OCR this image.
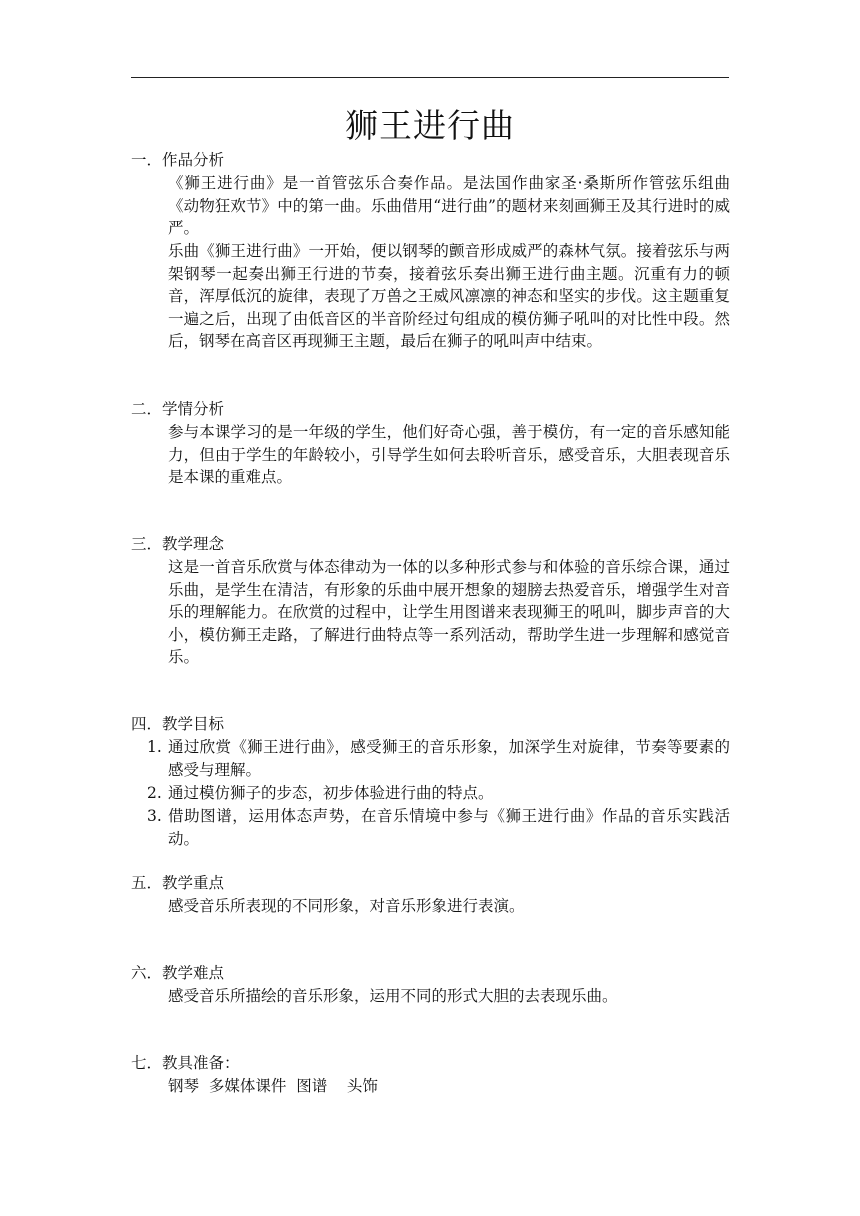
狮王进行曲
一．作品分析
《狮王进行曲》是一首管弦乐合奏作品。是法国作曲家圣·桑斯所作管弦乐组曲《动物狂欢节》中的第一曲。乐曲借用“进行曲”的题材来刻画狮王及其行进时的威严。
乐曲《狮王进行曲》一开始，便以钢琴的颤音形成威严的森林气氛。接着弦乐与两架钢琴一起奏出狮王行进的节奏，接着弦乐奏出狮王进行曲主题。沉重有力的顿音，浑厚低沉的旋律，表现了万兽之王威风凛凛的神态和坚实的步伐。这主题重复一遍之后，出现了由低音区的半音阶经过句组成的模仿狮子吼叫的对比性中段。然后，钢琴在高音区再现狮王主题，最后在狮子的吼叫声中结束。
二．学情分析
参与本课学习的是一年级的学生，他们好奇心强，善于模仿，有一定的音乐感知能力，但由于学生的年龄较小，引导学生如何去聆听音乐，感受音乐，大胆表现音乐是本课的重难点。
三．教学理念
这是一首音乐欣赏与体态律动为一体的以多种形式参与和体验的音乐综合课，通过乐曲，是学生在清洁，有形象的乐曲中展开想象的翅膀去热爱音乐，增强学生对音乐的理解能力。在欣赏的过程中，让学生用图谱来表现狮王的吼叫，脚步声音的大小，模仿狮王走路，了解进行曲特点等一系列活动，帮助学生进一步理解和感觉音乐。
四．教学目标
1. 通过欣赏《狮王进行曲》，感受狮王的音乐形象，加深学生对旋律，节奏等要素的感受与理解。
2. 通过模仿狮子的步态，初步体验进行曲的特点。
3. 借助图谱，运用体态声势，在音乐情境中参与《狮王进行曲》作品的音乐实践活动。
五．教学重点
感受音乐所表现的不同形象，对音乐形象进行表演。
六．教学难点
感受音乐所描绘的音乐形象，运用不同的形式大胆的去表现乐曲。
七．教具准备：
钢琴  多媒体课件  图谱    头饰
